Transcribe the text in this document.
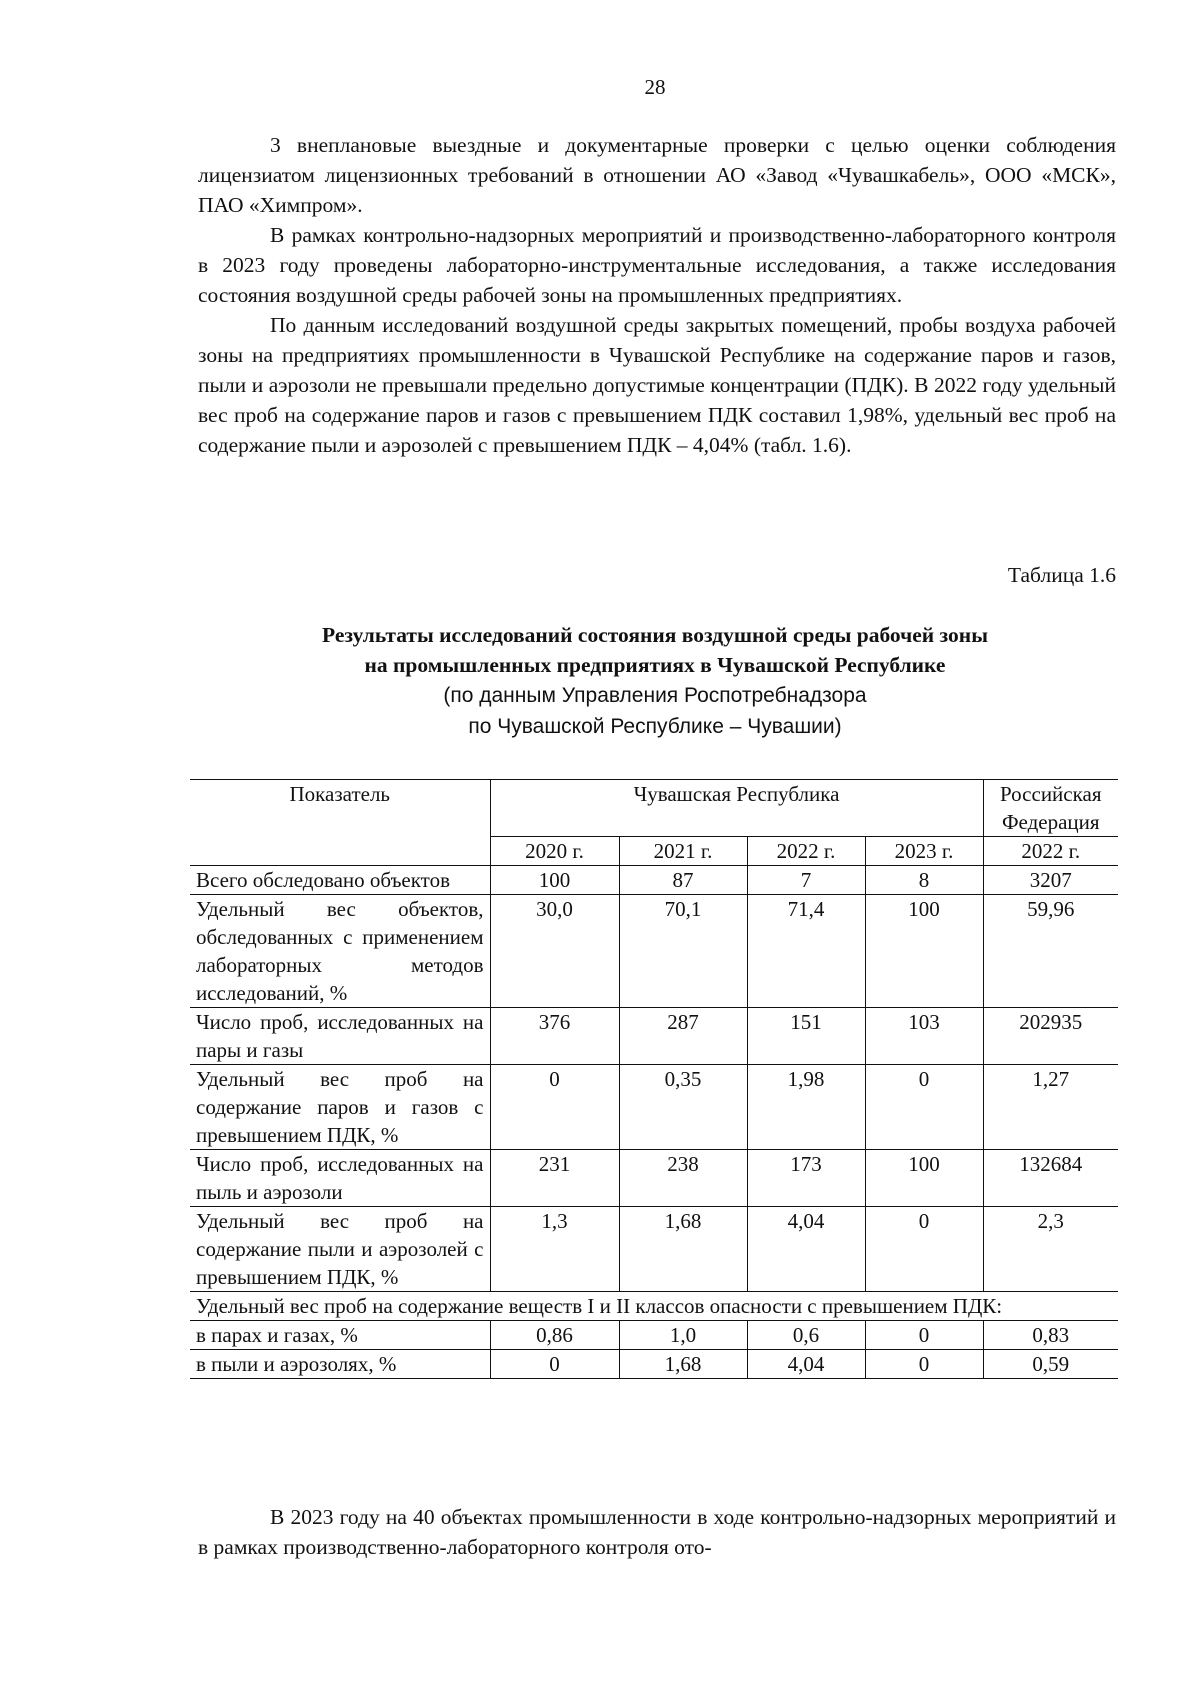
28

3 внеплановые выездные и документарные проверки с целью оценки соблюдения лицензиатом лицензионных требований в отношении АО «Завод «Чувашкабель», ООО «МСК», ПАО «Химпром».

В рамках контрольно-надзорных мероприятий и производственно-лабораторного контроля в 2023 году проведены лабораторно-инструментальные исследования, а также исследования состояния воздушной среды рабочей зоны на промышленных предприятиях.

По данным исследований воздушной среды закрытых помещений, пробы воздуха рабочей зоны на предприятиях промышленности в Чувашской Республике на содержание паров и газов, пыли и аэрозоли не превышали предельно допустимые концентрации (ПДК). В 2022 году удельный вес проб на содержание паров и газов с превышением ПДК составил 1,98%, удельный вес проб на содержание пыли и аэрозолей с превышением ПДК – 4,04% (табл. 1.6).

Таблица 1.6

Результаты исследований состояния воздушной среды рабочей зоны

на промышленных предприятиях в Чувашской Республике

(по данным Управления Роспотребнадзора

по Чувашской Республике – Чувашии)

Показатель	Чувашская Республика				Российская Федерация
	2020 г.	2021 г.	2022 г.	2023 г.	2022 г.
Всего обследовано объектов	100	87	7	8	3207
Удельный вес объектов, обследованных с применением лабораторных методов исследований, %	30,0	70,1	71,4	100	59,96
Число проб, исследованных на пары и газы	376	287	151	103	202935
Удельный вес проб на содержание паров и газов с превышением ПДК, %	0	0,35	1,98	0	1,27
Число проб, исследованных на пыль и аэрозоли	231	238	173	100	132684
Удельный вес проб на содержание пыли и аэрозолей с превышением ПДК, %	1,3	1,68	4,04	0	2,3
Удельный вес проб на содержание веществ I и II классов опасности с превышением ПДК:					
в парах и газах, %	0,86	1,0	0,6	0	0,83
в пыли и аэрозолях, %	0	1,68	4,04	0	0,59

В 2023 году на 40 объектах промышленности в ходе контрольно-надзорных мероприятий и в рамках производственно-лабораторного контроля ото-
